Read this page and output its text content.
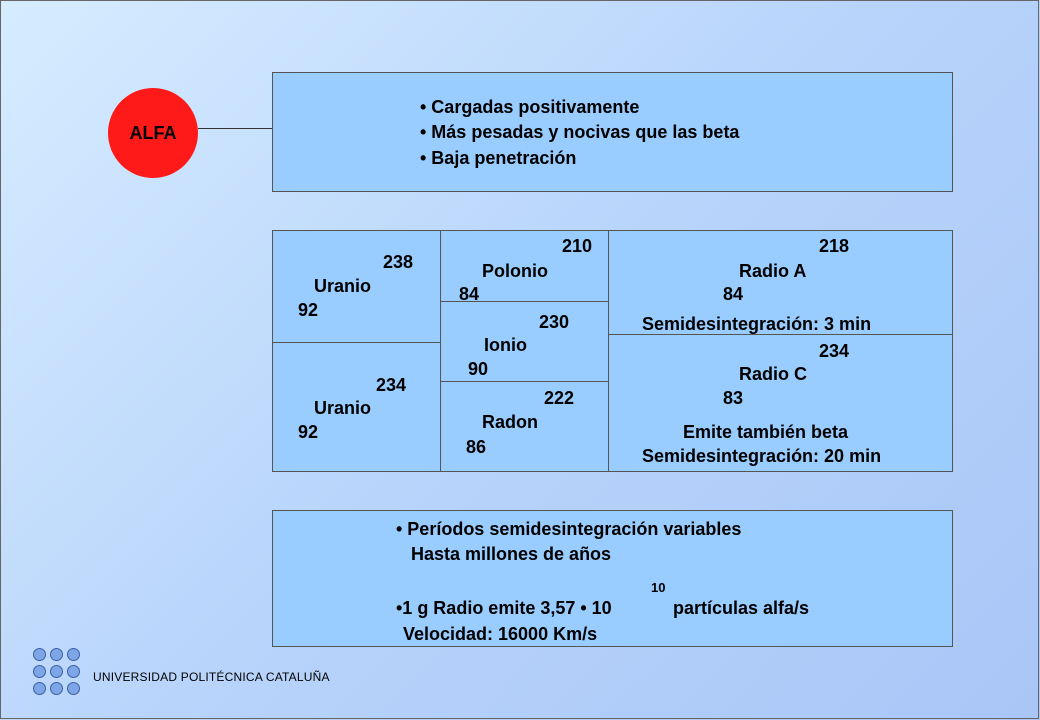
ALFA
• Cargadas positivamente
• Más pesadas y nocivas que las beta
• Baja penetración
238
Uranio
92
234
Uranio
92
210
Polonio
84
230
Ionio
90
222
Radon
86
218
Radio A
84
Semidesintegración: 3 min
234
Radio C
83
Emite también beta
Semidesintegración: 20 min
• Períodos semidesintegración variables
Hasta millones de años
10
•1 g Radio emite 3,57 • 10	partículas alfa/s
Velocidad: 16000 Km/s
UNIVERSIDAD POLITÉCNICA CATALUÑA
